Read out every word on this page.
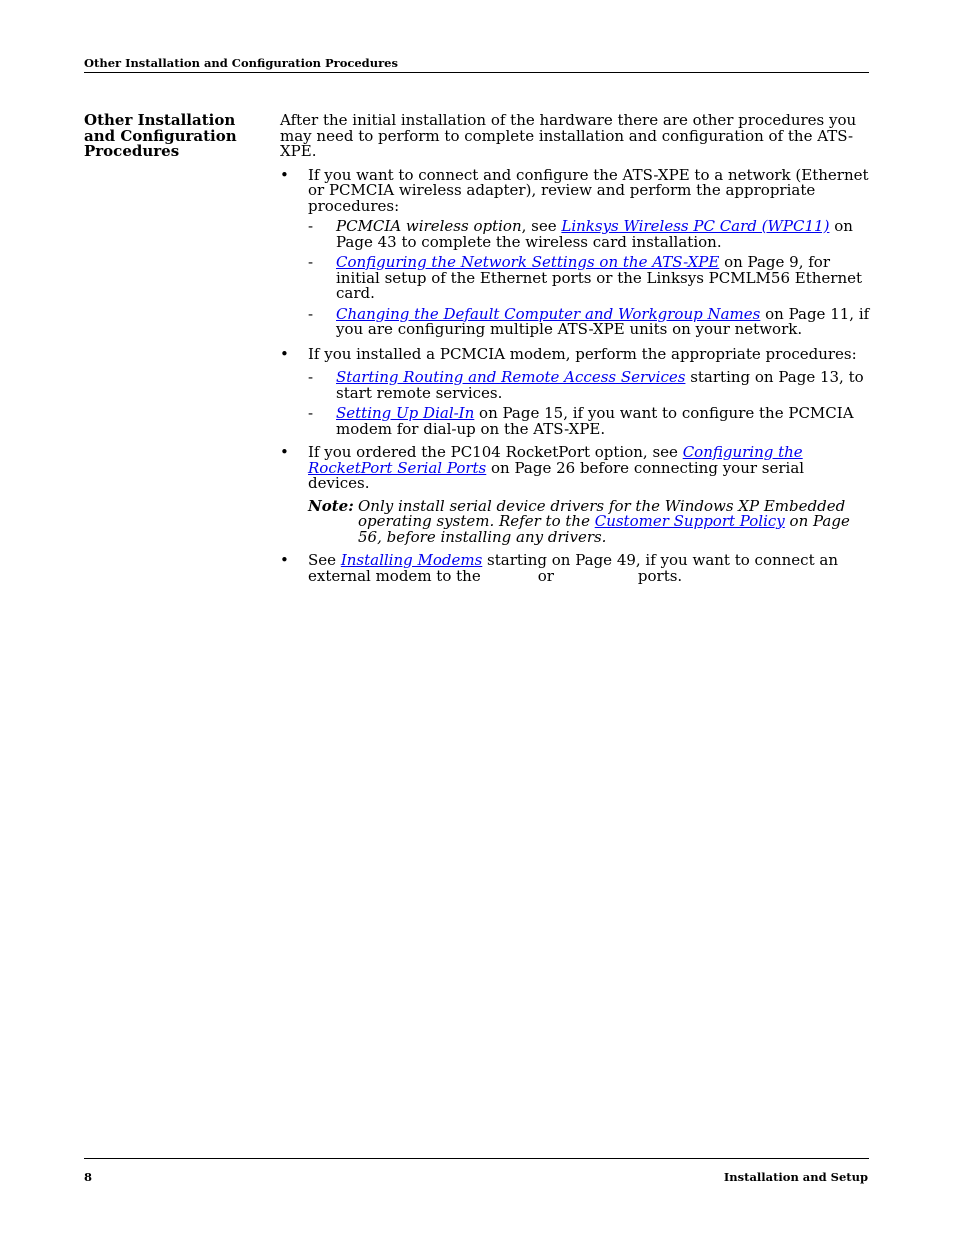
Other Installation and Configuration Procedures
Other Installation and Configuration Procedures

After the initial installation of the hardware there are other procedures you may need to perform to complete installation and configuration of the ATS-XPE.

• If you want to connect and configure the ATS-XPE to a network (Ethernet or PCMCIA wireless adapter), review and perform the appropriate procedures:
- PCMCIA wireless option, see Linksys Wireless PC Card (WPC11) on Page 43 to complete the wireless card installation.
- Configuring the Network Settings on the ATS-XPE on Page 9, for initial setup of the Ethernet ports or the Linksys PCMLM56 Ethernet card.
- Changing the Default Computer and Workgroup Names on Page 11, if you are configuring multiple ATS-XPE units on your network.
• If you installed a PCMCIA modem, perform the appropriate procedures:
- Starting Routing and Remote Access Services starting on Page 13, to start remote services.
- Setting Up Dial-In on Page 15, if you want to configure the PCMCIA modem for dial-up on the ATS-XPE.
• If you ordered the PC104 RocketPort option, see Configuring the RocketPort Serial Ports on Page 26 before connecting your serial devices.
Note: Only install serial device drivers for the Windows XP Embedded operating system. Refer to the Customer Support Policy on Page 56, before installing any drivers.
• See Installing Modems starting on Page 49, if you want to connect an external modem to the	or	ports.
8	Installation and Setup
